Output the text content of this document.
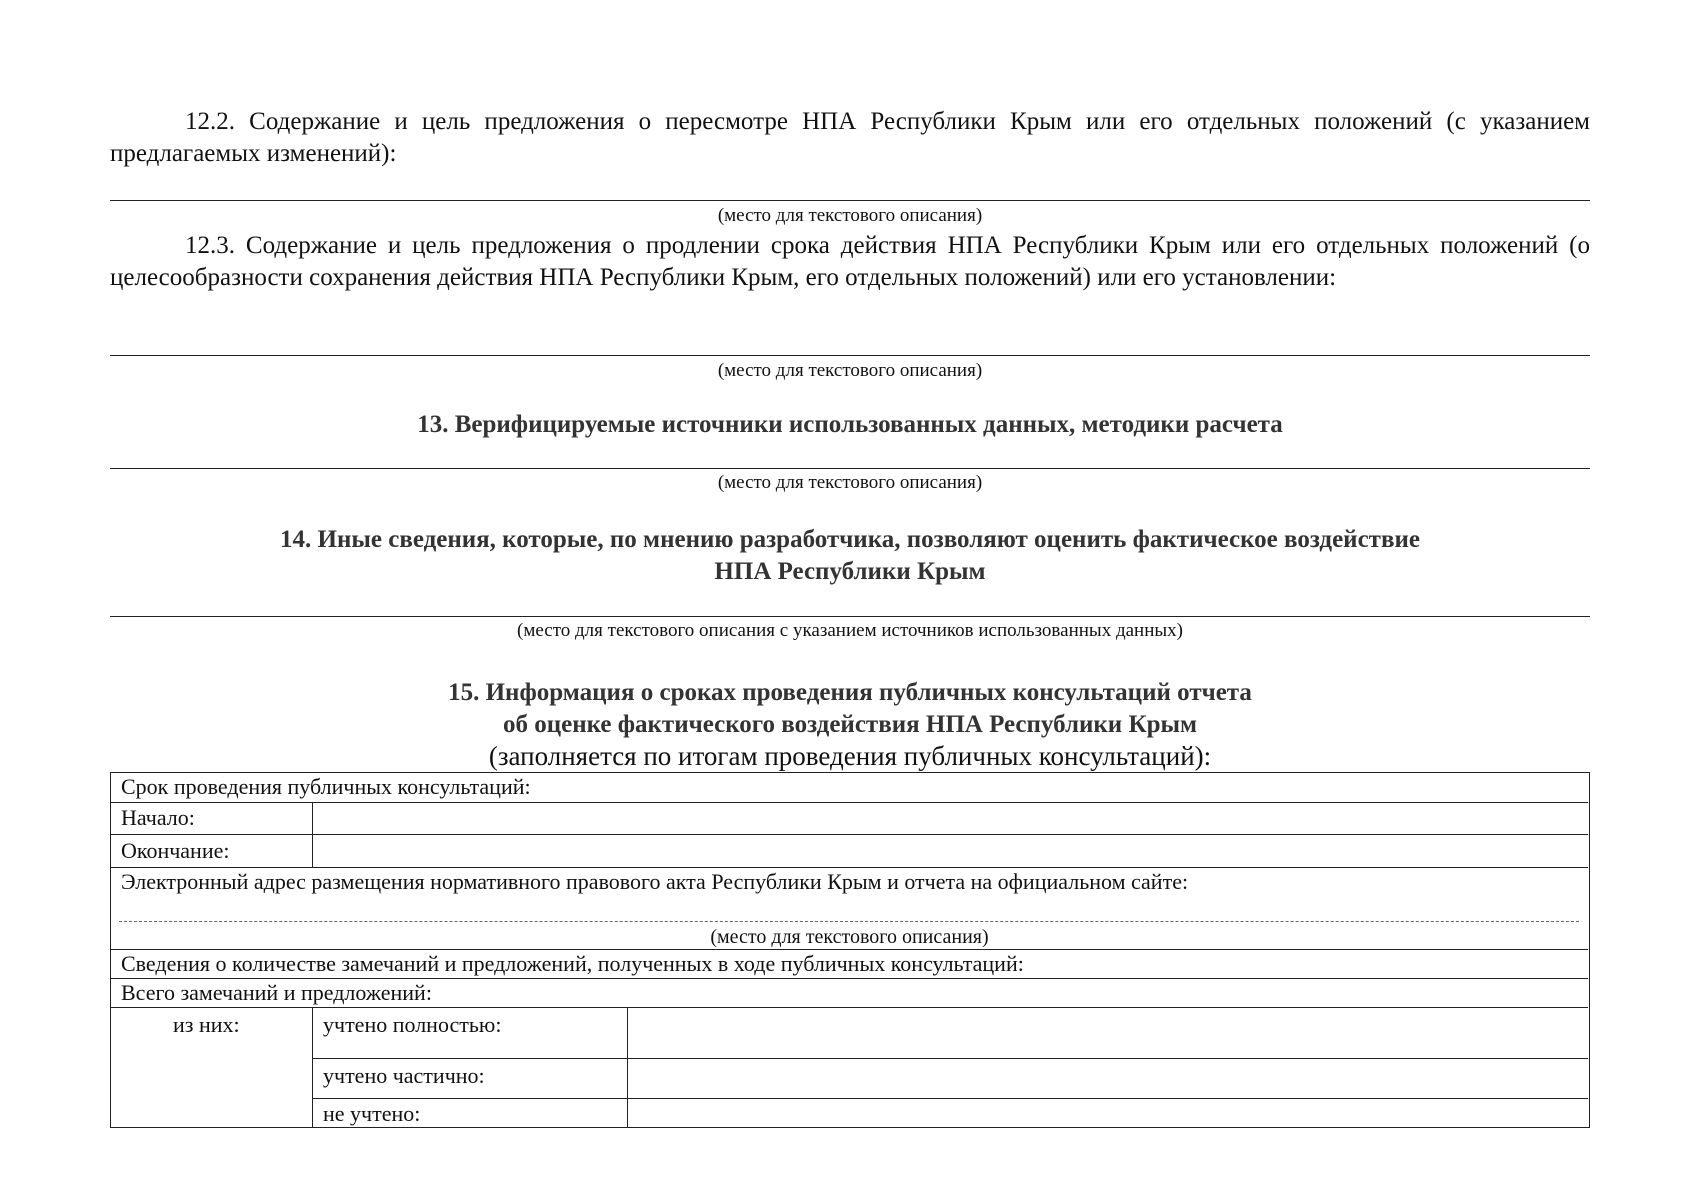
12.2. Содержание и цель предложения о пересмотре НПА Республики Крым или его отдельных положений (с указанием предлагаемых изменений):
(место для текстового описания)
12.3. Содержание и цель предложения о продлении срока действия НПА Республики Крым или его отдельных положений (о целесообразности сохранения действия НПА Республики Крым, его отдельных положений) или его установлении:
(место для текстового описания)
13. Верифицируемые источники использованных данных, методики расчета
(место для текстового описания)
14. Иные сведения, которые, по мнению разработчика, позволяют оценить фактическое воздействие
НПА Республики Крым
(место для текстового описания с указанием источников использованных данных)
15. Информация о сроках проведения публичных консультаций отчета
об оценке фактического воздействия НПА Республики Крым
(заполняется по итогам проведения публичных консультаций):
Срок проведения публичных консультаций:
Начало:
Окончание:
Электронный адрес размещения нормативного правового акта Республики Крым и отчета на официальном сайте:
(место для текстового описания)
Сведения о количестве замечаний и предложений, полученных в ходе публичных консультаций:
Всего замечаний и предложений:
из них:	учтено полностью:
учтено частично:
не учтено:
